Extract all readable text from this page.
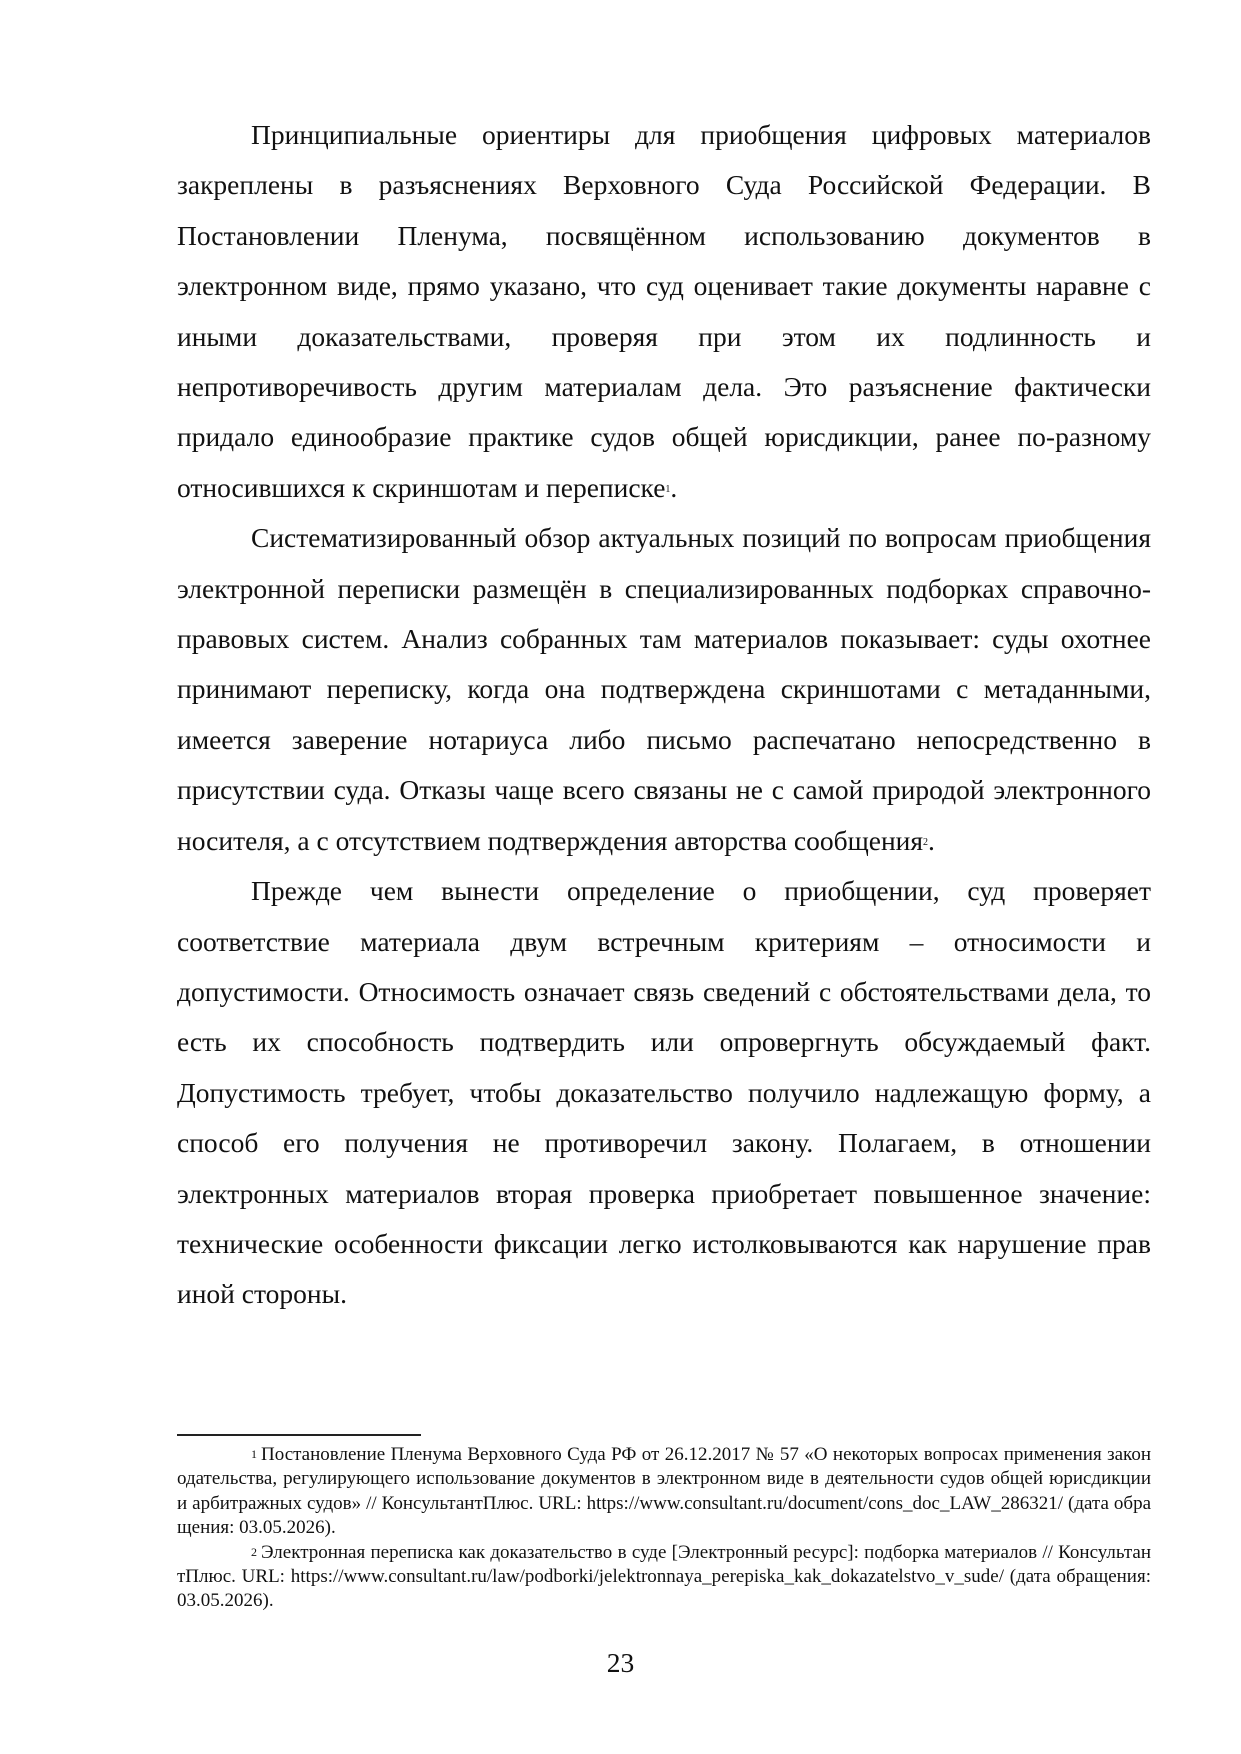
Принципиальные ориентиры для приобщения цифровых материалов закреплены в разъяснениях Верховного Суда Российской Федерации. В Постановлении Пленума, посвящённом использованию документов в электронном виде, прямо указано, что суд оценивает такие документы наравне с иными доказательствами, проверяя при этом их подлинность и непротиворечивость другим материалам дела. Это разъяснение фактически придало единообразие практике судов общей юрисдикции, ранее по-разному относившихся к скриншотам и переписке$^1$.

Систематизированный обзор актуальных позиций по вопросам приобщения электронной переписки размещён в специализированных подборках справочно-правовых систем. Анализ собранных там материалов показывает: суды охотнее принимают переписку, когда она подтверждена скриншотами с метаданными, имеется заверение нотариуса либо письмо распечатано непосредственно в присутствии суда. Отказы чаще всего связаны не с самой природой электронного носителя, а с отсутствием подтверждения авторства сообщения$^2$.

Прежде чем вынести определение о приобщении, суд проверяет соответствие материала двум встречным критериям – относимости и допустимости. Относимость означает связь сведений с обстоятельствами дела, то есть их способность подтвердить или опровергнуть обсуждаемый факт. Допустимость требует, чтобы доказательство получило надлежащую форму, а способ его получения не противоречил закону. Полагаем, в отношении электронных материалов вторая проверка приобретает повышенное значение: технические особенности фиксации легко истолковываются как нарушение прав иной стороны.

$^1$ Постановление Пленума Верховного Суда РФ от 26.12.2017 № 57 «О некоторых вопросах применения законодательства, регулирующего использование документов в электронном виде в деятельности судов общей юрисдикции и арбитражных судов» // КонсультантПлюс. URL: https://www.consultant.ru/document/cons_doc_LAW_286321/ (дата обращения: 03.05.2026).

$^2$ Электронная переписка как доказательство в суде [Электронный ресурс]: подборка материалов // КонсультантПлюс. URL: https://www.consultant.ru/law/podborki/jelektronnaya_perepiska_kak_dokazatelstvo_v_sude/ (дата обращения: 03.05.2026).

23
